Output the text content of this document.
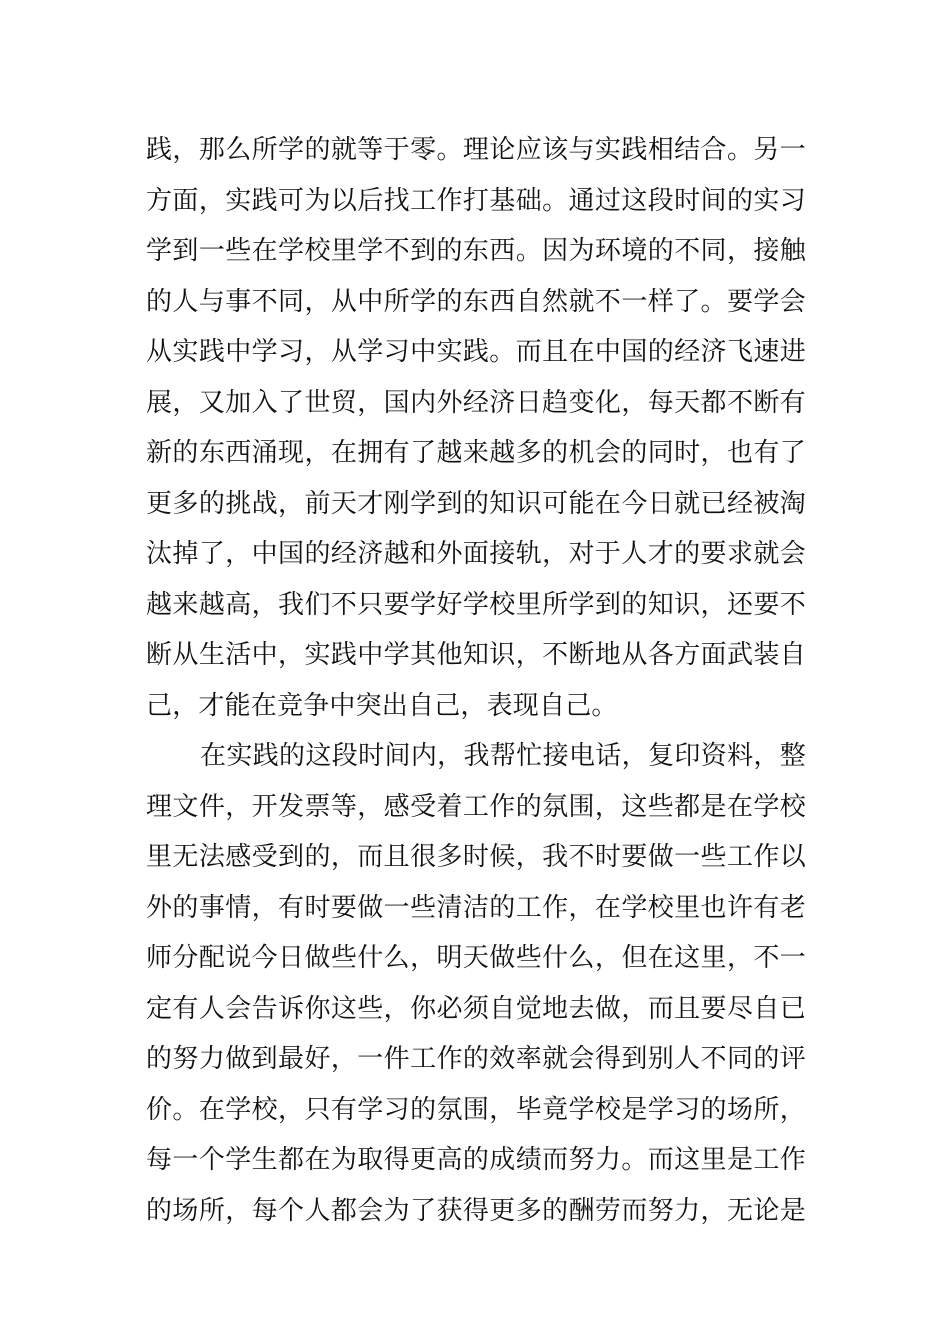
践，那么所学的就等于零。理论应该与实践相结合。另一
方面，实践可为以后找工作打基础。通过这段时间的实习
学到一些在学校里学不到的东西。因为环境的不同，接触
的人与事不同，从中所学的东西自然就不一样了。要学会
从实践中学习，从学习中实践。而且在中国的经济飞速进
展，又加入了世贸，国内外经济日趋变化，每天都不断有
新的东西涌现，在拥有了越来越多的机会的同时，也有了
更多的挑战，前天才刚学到的知识可能在今日就已经被淘
汰掉了，中国的经济越和外面接轨，对于人才的要求就会
越来越高，我们不只要学好学校里所学到的知识，还要不
断从生活中，实践中学其他知识，不断地从各方面武装自
己，才能在竞争中突出自己，表现自己。
在实践的这段时间内，我帮忙接电话，复印资料，整
理文件，开发票等，感受着工作的氛围，这些都是在学校
里无法感受到的，而且很多时候，我不时要做一些工作以
外的事情，有时要做一些清洁的工作，在学校里也许有老
师分配说今日做些什么，明天做些什么，但在这里，不一
定有人会告诉你这些，你必须自觉地去做，而且要尽自已
的努力做到最好，一件工作的效率就会得到别人不同的评
价。在学校，只有学习的氛围，毕竟学校是学习的场所，
每一个学生都在为取得更高的成绩而努力。而这里是工作
的场所，每个人都会为了获得更多的酬劳而努力，无论是
